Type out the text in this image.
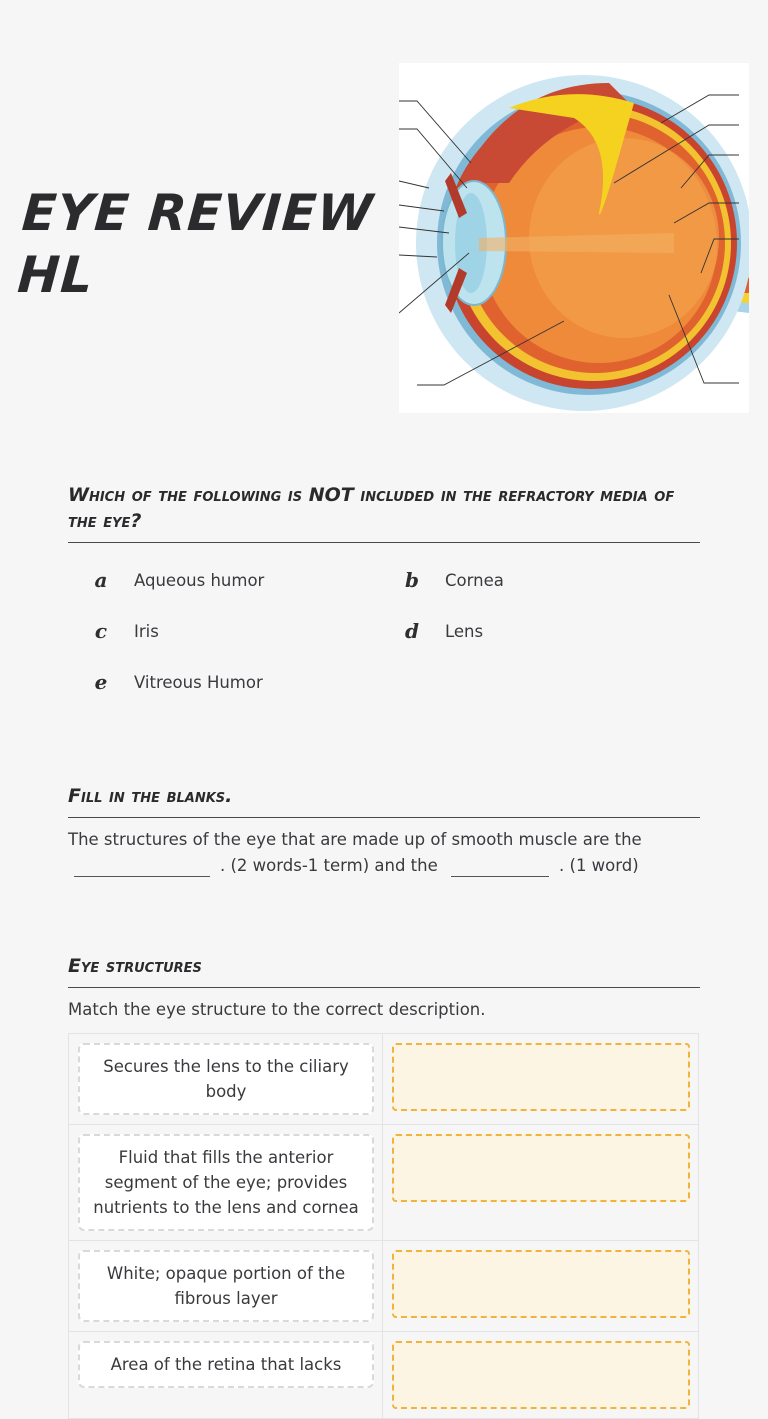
EYE REVIEW
HL
Which of the following is NOT included in the refractory media of the eye?
a	Aqueous humor	b	Cornea
c	Iris	d	Lens
e	Vitreous Humor
Fill in the blanks.

The structures of the eye that are made up of smooth muscle are the
. (2 words-1 term) and the	. (1 word)

Eye structures

Match the eye structure to the correct description.

Secures the lens to the ciliary body
Fluid that fills the anterior segment of the eye; provides nutrients to the lens and cornea
White; opaque portion of the fibrous layer
Area of the retina that lacks
